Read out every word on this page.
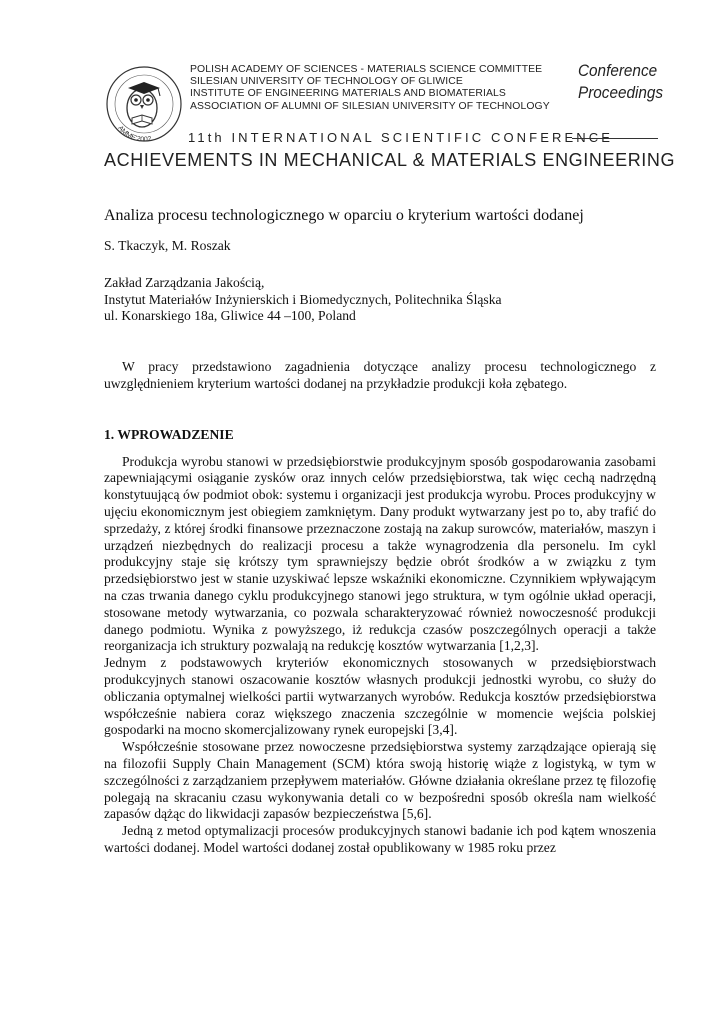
AMME'2002
POLISH ACADEMY OF SCIENCES - MATERIALS SCIENCE COMMITTEE
SILESIAN UNIVERSITY OF TECHNOLOGY OF GLIWICE
INSTITUTE OF ENGINEERING MATERIALS AND BIOMATERIALS
ASSOCIATION OF ALUMNI OF SILESIAN UNIVERSITY OF TECHNOLOGY
Conference
Proceedings
11th INTERNATIONAL SCIENTIFIC CONFERENCE
ACHIEVEMENTS IN MECHANICAL & MATERIALS ENGINEERING
Analiza procesu technologicznego w oparciu o kryterium wartości dodanej
S. Tkaczyk, M. Roszak

Zakład Zarządzania Jakością,

Instytut Materiałów Inżynierskich i Biomedycznych, Politechnika Śląska

ul. Konarskiego 18a, Gliwice 44 –100, Poland

W pracy przedstawiono zagadnienia dotyczące analizy procesu technologicznego z uwzględnieniem kryterium wartości dodanej na przykładzie produkcji koła zębatego.

1. WPROWADZENIE

Produkcja wyrobu stanowi w przedsiębiorstwie produkcyjnym sposób gospodarowania zasobami zapewniającymi osiąganie zysków oraz innych celów przedsiębiorstwa, tak więc cechą nadrzędną konstytuującą ów podmiot obok: systemu i organizacji jest produkcja wyrobu. Proces produkcyjny w ujęciu ekonomicznym jest obiegiem zamkniętym. Dany produkt wytwarzany jest po to, aby trafić do sprzedaży, z której środki finansowe przeznaczone zostają na zakup surowców, materiałów, maszyn i urządzeń niezbędnych do realizacji procesu a także wynagrodzenia dla personelu. Im cykl produkcyjny staje się krótszy tym sprawniejszy będzie obrót środków a w związku z tym przedsiębiorstwo jest w stanie uzyskiwać lepsze wskaźniki ekonomiczne. Czynnikiem wpływającym na czas trwania danego cyklu produkcyjnego stanowi jego struktura, w tym ogólnie układ operacji, stosowane metody wytwarzania, co pozwala scharakteryzować również nowoczesność produkcji danego podmiotu. Wynika z powyższego, iż redukcja czasów poszczególnych operacji a także reorganizacja ich struktury pozwalają na redukcję kosztów wytwarzania [1,2,3].

Jednym z podstawowych kryteriów ekonomicznych stosowanych w przedsiębiorstwach produkcyjnych stanowi oszacowanie kosztów własnych produkcji jednostki wyrobu, co służy do obliczania optymalnej wielkości partii wytwarzanych wyrobów. Redukcja kosztów przedsiębiorstwa współcześnie nabiera coraz większego znaczenia szczególnie w momencie wejścia polskiej gospodarki na mocno skomercjalizowany rynek europejski [3,4].

Współcześnie stosowane przez nowoczesne przedsiębiorstwa systemy zarządzające opierają się na filozofii Supply Chain Management (SCM) która swoją historię wiąże z logistyką, w tym w szczególności z zarządzaniem przepływem materiałów. Główne działania określane przez tę filozofię polegają na skracaniu czasu wykonywania detali co w bezpośredni sposób określa nam wielkość zapasów dążąc do likwidacji zapasów bezpieczeństwa [5,6].

Jedną z metod optymalizacji procesów produkcyjnych stanowi badanie ich pod kątem wnoszenia wartości dodanej. Model wartości dodanej został opublikowany w 1985 roku przez
